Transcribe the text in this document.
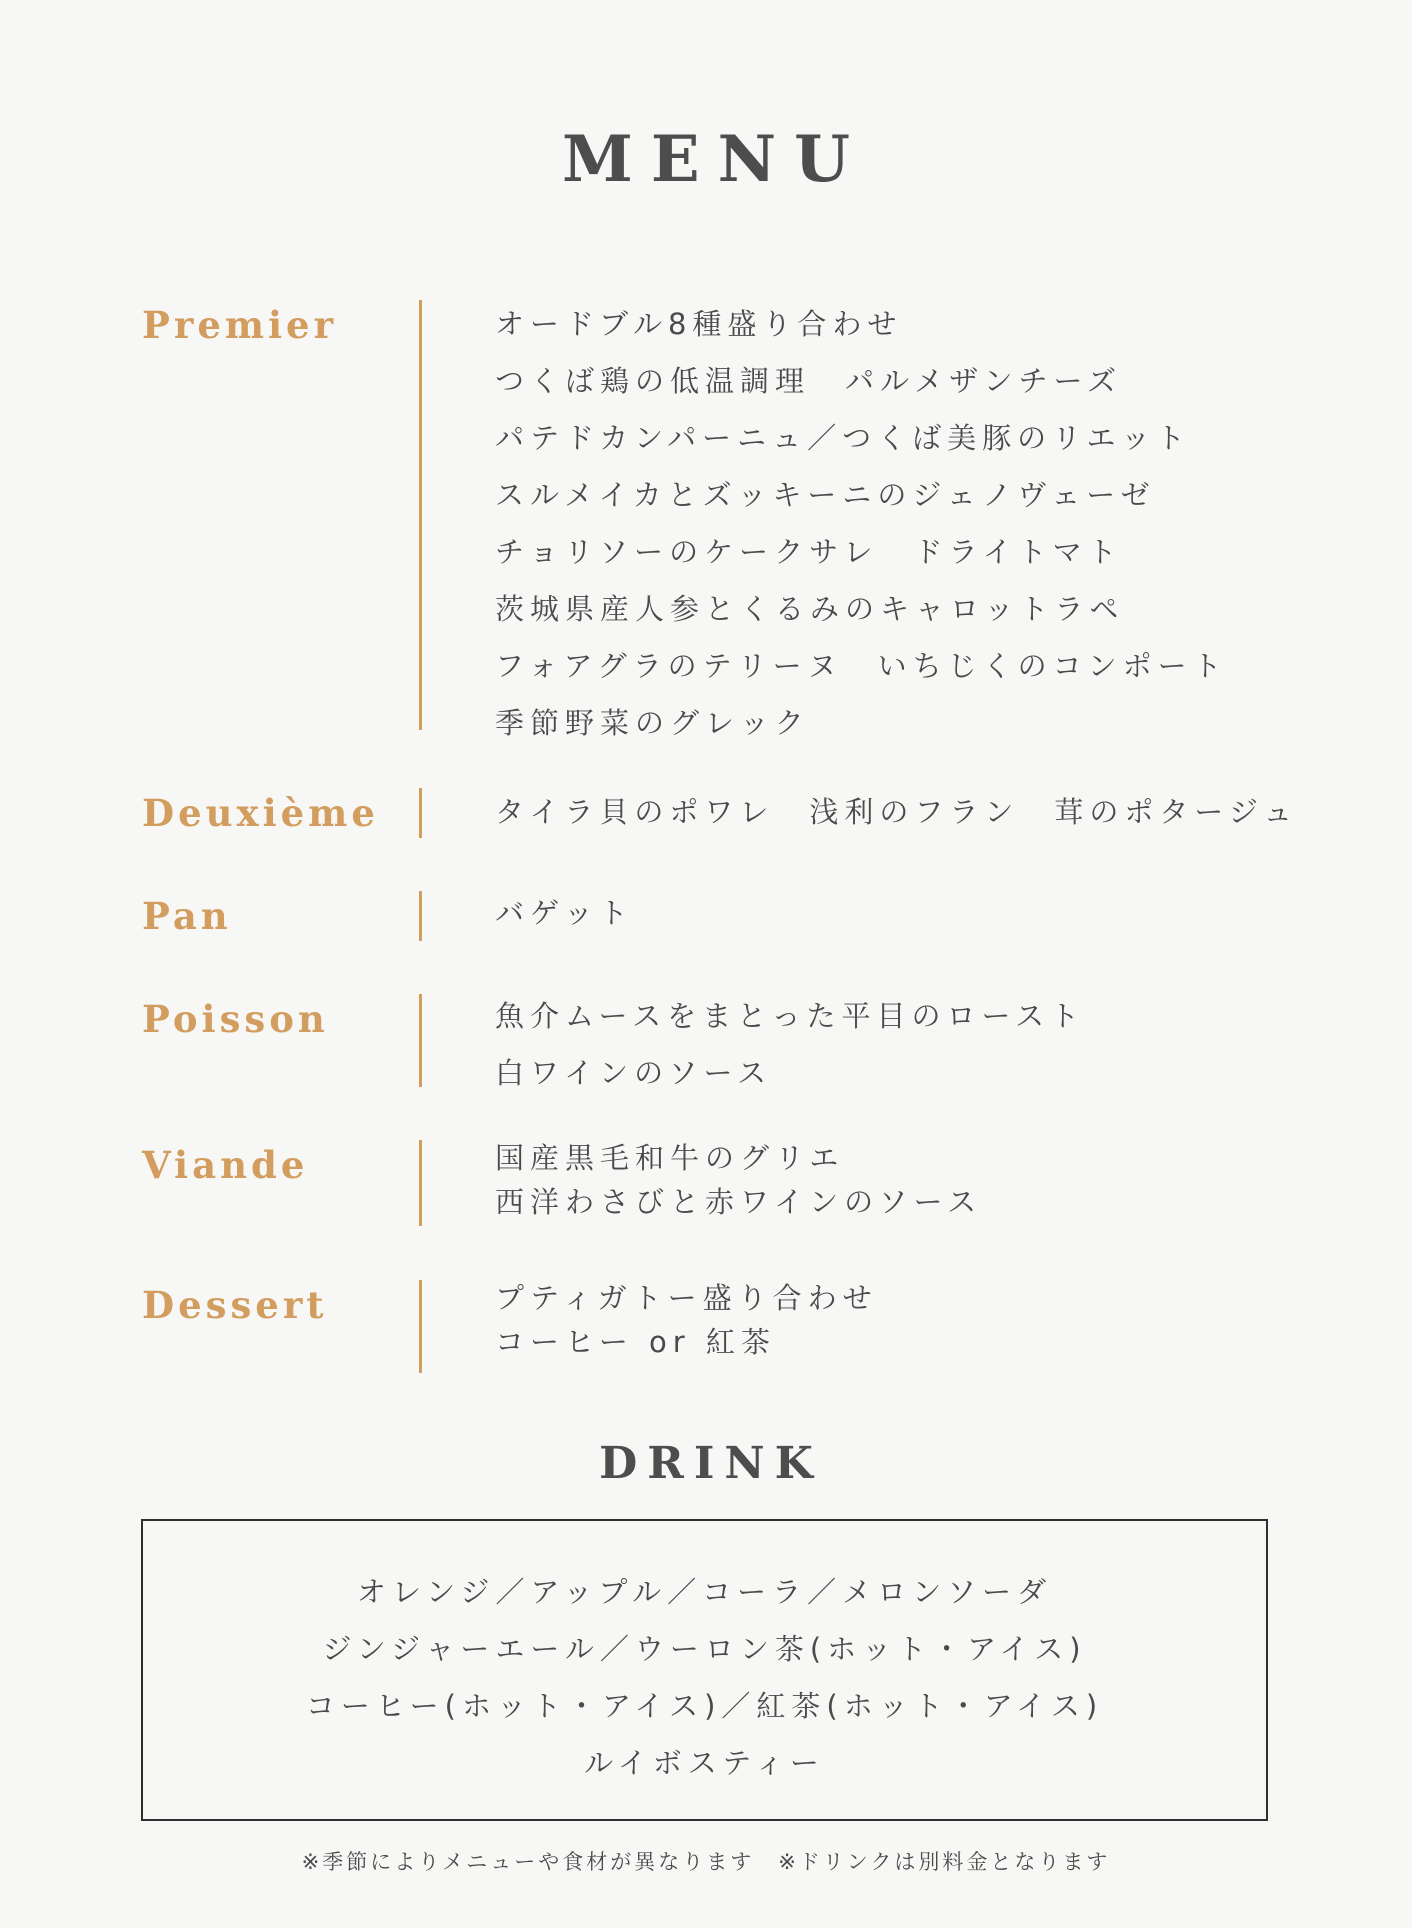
MENU
Premier	オードブル8種盛り合わせ
つくば鶏の低温調理　パルメザンチーズ
パテドカンパーニュ／つくば美豚のリエット
スルメイカとズッキーニのジェノヴェーゼ
チョリソーのケークサレ　ドライトマト
茨城県産人参とくるみのキャロットラペ
フォアグラのテリーヌ　いちじくのコンポート
季節野菜のグレック
Deuxième	タイラ貝のポワレ　浅利のフラン　茸のポタージュ
Pan	バゲット
Poisson	魚介ムースをまとった平目のロースト
白ワインのソース
Viande	国産黒毛和牛のグリエ
西洋わさびと赤ワインのソース
Dessert	プティガトー盛り合わせ
コーヒー or 紅茶
DRINK
オレンジ／アップル／コーラ／メロンソーダ
ジンジャーエール／ウーロン茶(ホット・アイス)
コーヒー(ホット・アイス)／紅茶(ホット・アイス)
ルイボスティー

※季節によりメニューや食材が異なります　※ドリンクは別料金となります
